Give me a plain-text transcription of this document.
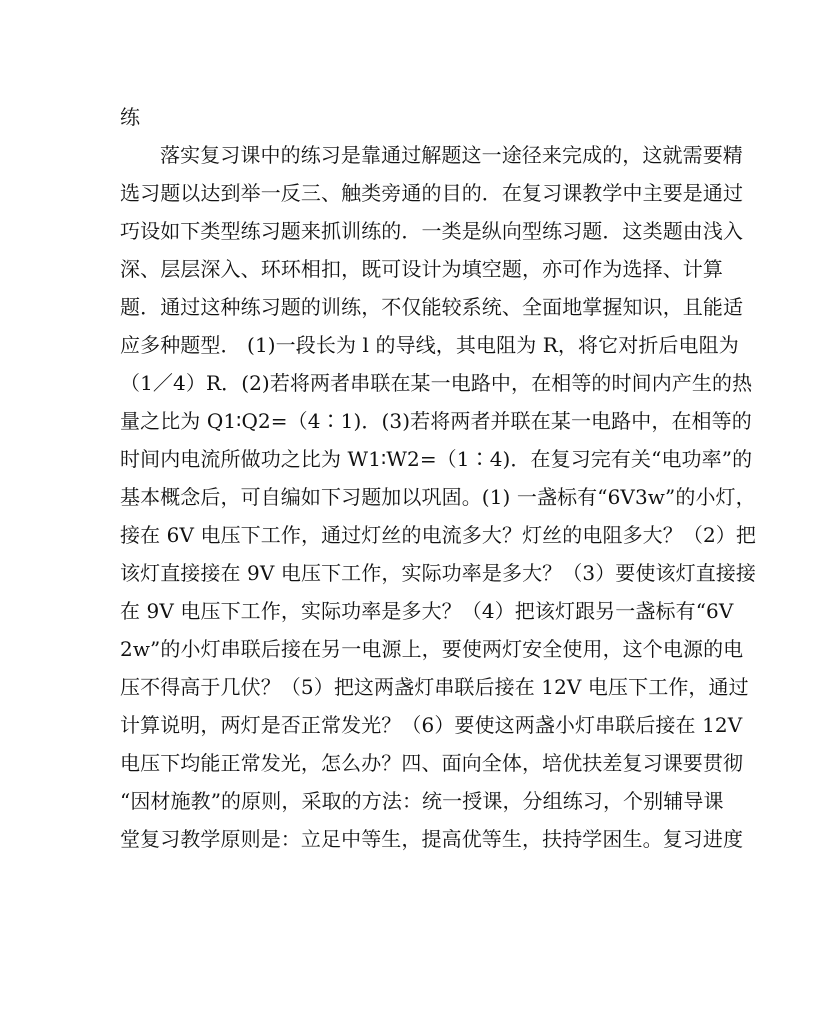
练
落实复习课中的练习是靠通过解题这一途径来完成的，这就需要精
选习题以达到举一反三、触类旁通的目的．在复习课教学中主要是通过
巧设如下类型练习题来抓训练的．一类是纵向型练习题．这类题由浅入
深、层层深入、环环相扣，既可设计为填空题，亦可作为选择、计算
题．通过这种练习题的训练，不仅能较系统、全面地掌握知识，且能适
应多种题型． (1)一段长为 l 的导线，其电阻为 R，将它对折后电阻为
（1／4）R．(2)若将两者串联在某一电路中，在相等的时间内产生的热
量之比为 Q1∶Q2=（4∶1)．(3)若将两者并联在某一电路中，在相等的
时间内电流所做功之比为 W1∶W2=（1∶4)．在复习完有关“电功率”的
基本概念后，可自编如下习题加以巩固。(1) 一盏标有“6V3w”的小灯，
接在 6V 电压下工作，通过灯丝的电流多大？灯丝的电阻多大？（2）把
该灯直接接在 9V 电压下工作，实际功率是多大？（3）要使该灯直接接
在 9V 电压下工作，实际功率是多大？（4）把该灯跟另一盏标有“6V
2w”的小灯串联后接在另一电源上，要使两灯安全使用，这个电源的电
压不得高于几伏？（5）把这两盏灯串联后接在 12V 电压下工作，通过
计算说明，两灯是否正常发光？（6）要使这两盏小灯串联后接在 12V
电压下均能正常发光，怎么办？四、面向全体，培优扶差复习课要贯彻
“因材施教”的原则，采取的方法：统一授课，分组练习，个别辅导课
堂复习教学原则是：立足中等生，提高优等生，扶持学困生。复习进度
